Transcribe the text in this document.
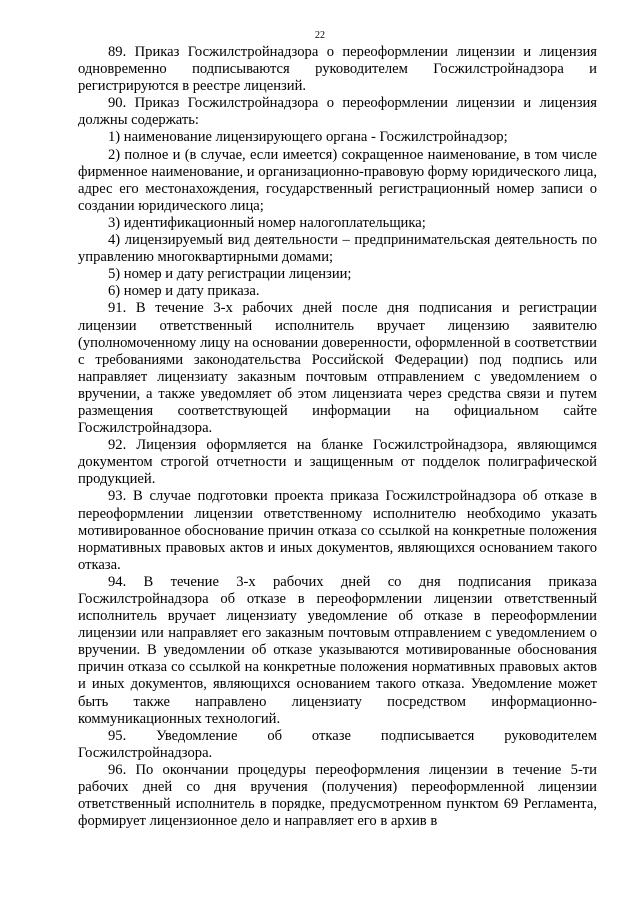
22

89. Приказ Госжилстройнадзора о переоформлении лицензии и лицензия одновременно подписываются руководителем Госжилстройнадзора и регистрируются в реестре лицензий.

90. Приказ Госжилстройнадзора о переоформлении лицензии и лицензия должны содержать:

1) наименование лицензирующего органа - Госжилстройнадзор;

2) полное и (в случае, если имеется) сокращенное наименование, в том числе фирменное наименование, и организационно-правовую форму юридического лица, адрес его местонахождения, государственный регистрационный номер записи о создании юридического лица;

3) идентификационный номер налогоплательщика;

4) лицензируемый вид деятельности – предпринимательская деятельность по управлению многоквартирными домами;

5) номер и дату регистрации лицензии;

6) номер и дату приказа.

91. В течение 3-х рабочих дней после дня подписания и регистрации лицензии ответственный исполнитель вручает лицензию заявителю (уполномоченному лицу на основании доверенности, оформленной в соответствии с требованиями законодательства Российской Федерации) под подпись или направляет лицензиату заказным почтовым отправлением с уведомлением о вручении, а также уведомляет об этом лицензиата через средства связи и путем размещения соответствующей информации на официальном сайте Госжилстройнадзора.

92. Лицензия оформляется на бланке Госжилстройнадзора, являющимся документом строгой отчетности и защищенным от подделок полиграфической продукцией.

93. В случае подготовки проекта приказа Госжилстройнадзора об отказе в переоформлении лицензии ответственному исполнителю необходимо указать мотивированное обоснование причин отказа со ссылкой на конкретные положения нормативных правовых актов и иных документов, являющихся основанием такого отказа.

94. В течение 3-х рабочих дней со дня подписания приказа Госжилстройнадзора об отказе в переоформлении лицензии ответственный исполнитель вручает лицензиату уведомление об отказе в переоформлении лицензии или направляет его заказным почтовым отправлением с уведомлением о вручении. В уведомлении об отказе указываются мотивированные обоснования причин отказа со ссылкой на конкретные положения нормативных правовых актов и иных документов, являющихся основанием такого отказа. Уведомление может быть также направлено лицензиату посредством информационно-коммуникационных технологий.

95. Уведомление об отказе подписывается руководителем Госжилстройнадзора.

96. По окончании процедуры переоформления лицензии в течение 5-ти рабочих дней со дня вручения (получения) переоформленной лицензии ответственный исполнитель в порядке, предусмотренном пунктом 69 Регламента, формирует лицензионное дело и направляет его в архив в
